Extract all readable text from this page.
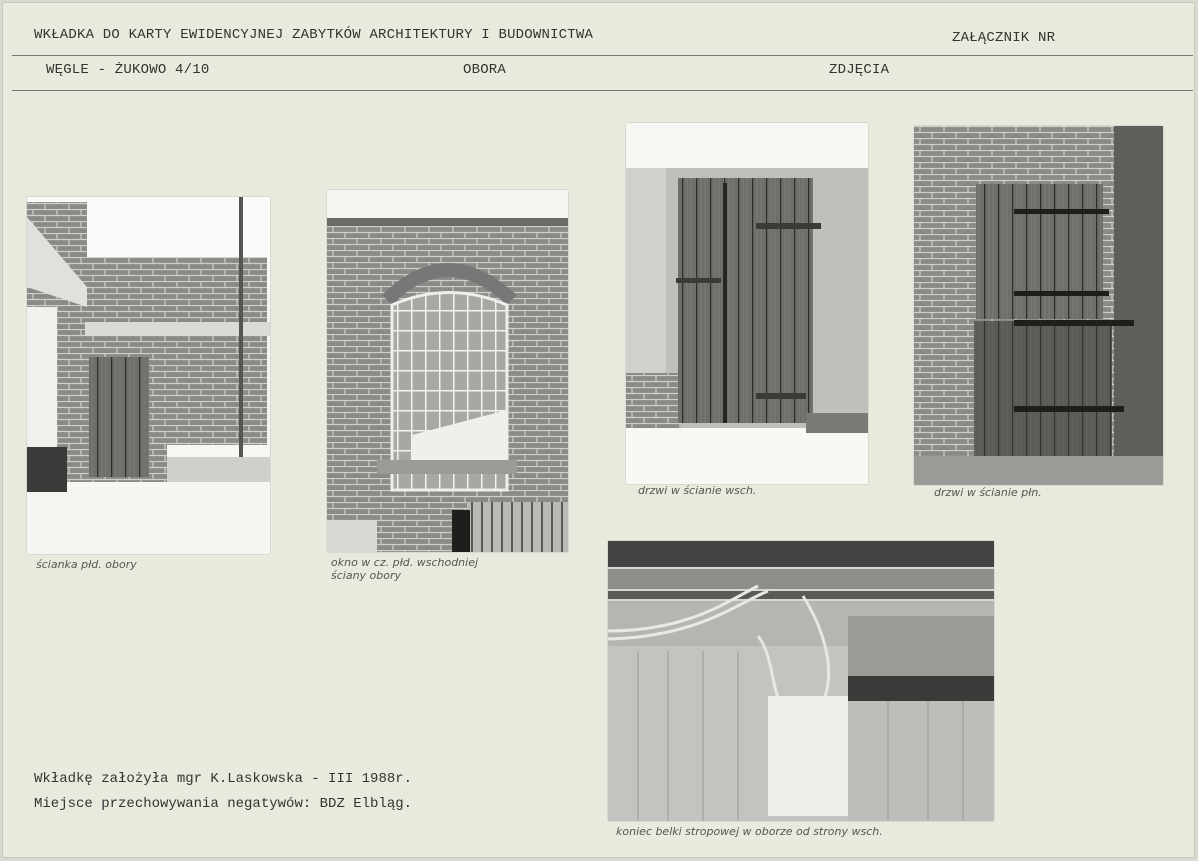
WKŁADKA DO KARTY EWIDENCYJNEJ ZABYTKÓW ARCHITEKTURY I BUDOWNICTWA	ZAŁĄCZNIK NR
WĘGLE - ŻUKOWO 4/10	OBORA	ZDJĘCIA
ścianka płd. obory	okno w cz. płd. wschodniej
ściany obory
drzwi w ścianie wsch.	drzwi w ścianie płn.
koniec belki stropowej w oborze od strony wsch.
Wkładkę założyła mgr K.Laskowska - III 1988r.
Miejsce przechowywania negatywów: BDZ Elbląg.
